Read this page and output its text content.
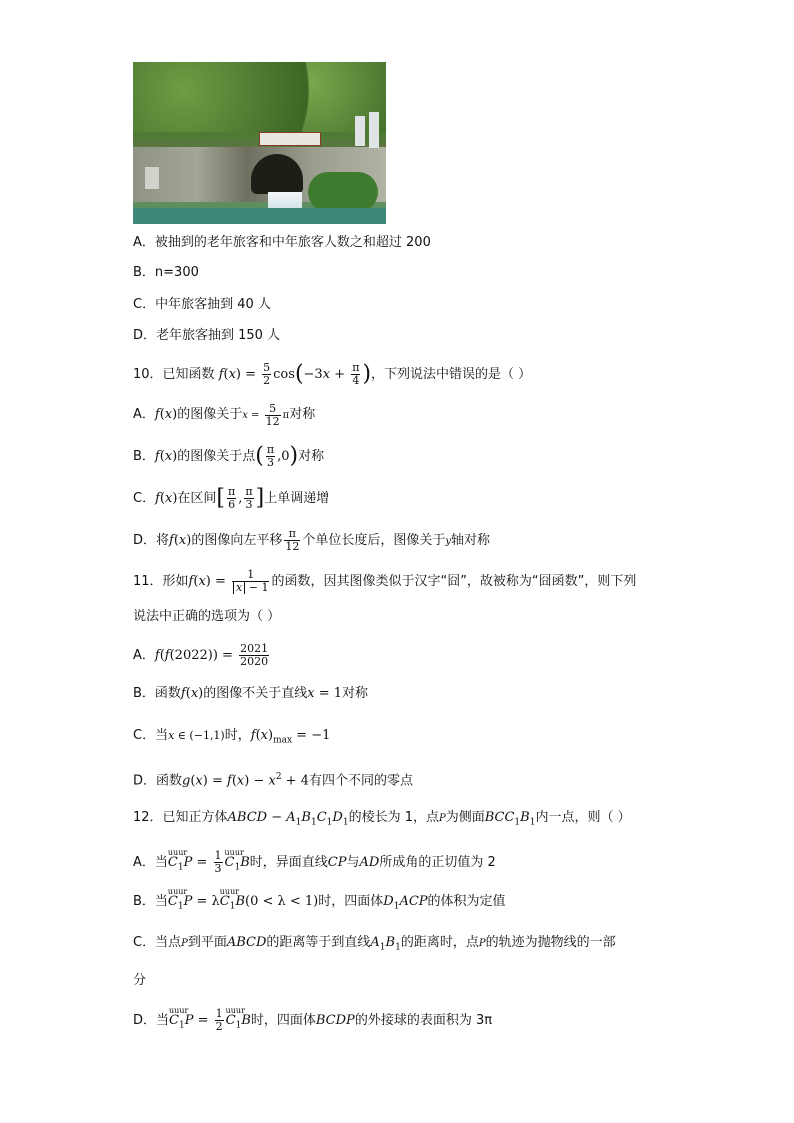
A．被抽到的老年旅客和中年旅客人数之和超过 200
B．n=300
C．中年旅客抽到 40 人
D．老年旅客抽到 150 人
10．已知函数 $f(x) = \frac{5}{2} \cos(-3x + \frac{\pi}{4}$ )，下列说法中错误的是（ ）
A．f(x)的图像关于$x = \frac{5}{12}$ π对称
B．f(x)的图像关于点( $\frac{\pi}{3} ,0$)对称
C．f(x)在区间[ $\frac{\pi}{6}$ , $\frac{\pi}{3}$ ]上单调递增
D．将f(x)的图像向左平移 $\frac{\pi}{12}$ 个单位长度后，图像关于y轴对称
11．形如$f(x) = \frac{1}{x - 1}$ 的函数，因其图像类似于汉字“囧”，故被称为“囧函数”，则下列
说法中正确的选项为（ ）
A．$f(f(2022)) = \frac{2021}{2020}$
B．函数f(x)的图像不关于直线x = 1对称
C．当x ∈ (−1,1)时，$f(x)_{max} = -1$
D．函数$g(x) = f(x) - x^2 + 4$有四个不同的零点
12．已知正方体ABCD − $A_1B_1C_1D_1$的棱长为 1，点P为侧面$BCC_1B_1$内一点，则（ ）
A．当uuur $C_1P = \frac{1}{3}$ uuur $C_1B$时，异面直线CP与AD所成角的正切值为 2
B．当uuur $C_1P$ = λuuur $C_1B(0 < \lambda < 1)$时，四面体$D_1ACP$的体积为定值
C．当点P到平面ABCD的距离等于到直线$A_1B_1$的距离时，点P的轨迹为抛物线的一部
分
D．当uuur $C_1P = \frac{1}{2}$ uuur $C_1B$时，四面体BCDP的外接球的表面积为 3π
